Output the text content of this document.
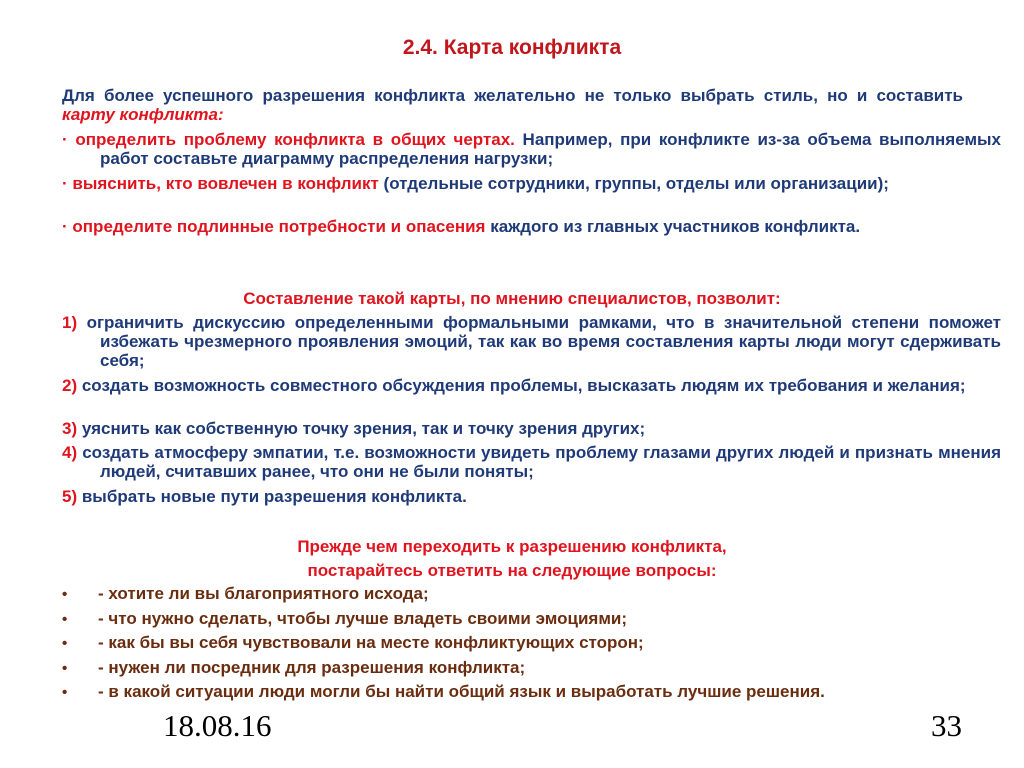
2.4. Карта конфликта
Для более успешного разрешения конфликта желательно не только выбрать стиль, но и составить карту конфликта:
· определить проблему конфликта в общих чертах. Например, при конфликте из-за объема выполняемых работ составьте диаграмму распределения нагрузки;
· выяснить, кто вовлечен в конфликт (отдельные сотрудники, группы, отделы или организации);
· определите подлинные потребности и опасения каждого из главных участников конфликта.
Составление такой карты, по мнению специалистов, позволит:
1) ограничить дискуссию определенными формальными рамками, что в значительной степени поможет избежать чрезмерного проявления эмоций, так как во время составления карты люди могут сдерживать себя;
2) создать возможность совместного обсуждения проблемы, высказать людям их требования и желания;
3) уяснить как собственную точку зрения, так и точку зрения других;
4) создать атмосферу эмпатии, т.е. возможности увидеть проблему глазами других людей и признать мнения людей, считавших ранее, что они не были поняты;
5) выбрать новые пути разрешения конфликта.
Прежде чем переходить к разрешению конфликта,
постарайтесь ответить на следующие вопросы:
• - хотите ли вы благоприятного исхода;
• - что нужно сделать, чтобы лучше владеть своими эмоциями;
• - как бы вы себя чувствовали на месте конфликтующих сторон;
• - нужен ли посредник для разрешения конфликта;
• - в какой ситуации люди могли бы найти общий язык и выработать лучшие решения.
18.08.16	33
